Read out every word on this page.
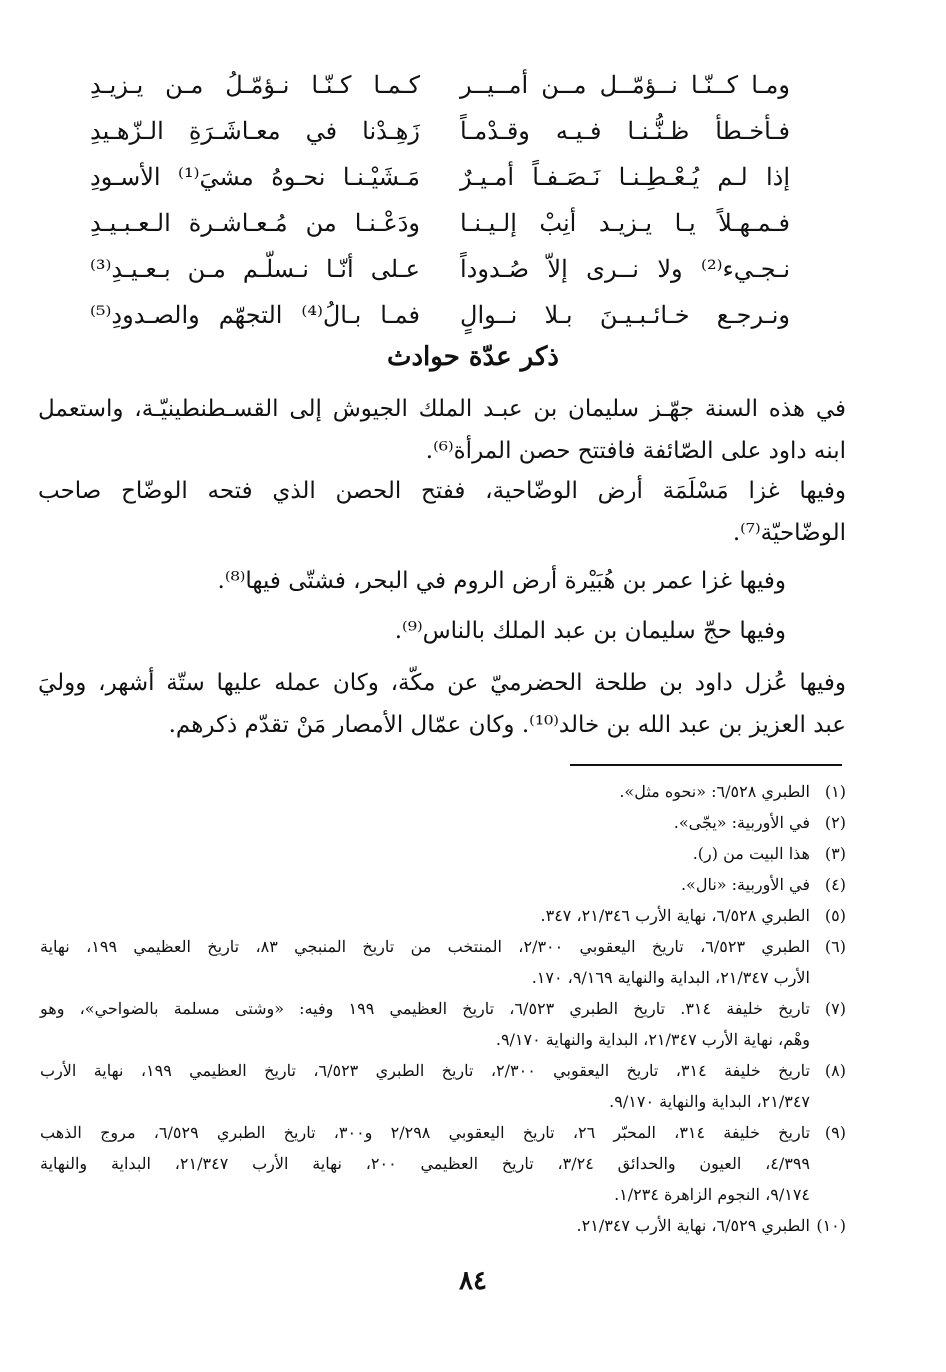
ومـا كــنّـا نــؤمّــل مــن أمــيــر
كـمـا كـنّـا نـؤمّـلُ مـن يـزيـدِ
فـأخـطأ ظـنُّـنـا فـيـه وقـدْمـاً
زَهِـدْنا في معـاشَـرَةِ الـزّهـيدِ
إذا لـم يُـعْـطِـنـا نَـصَـفـاً أمـيـرٌ
مَـشَيْـنـا نحـوهُ مشيَ⁽¹⁾ الأسـودِ
فـمـهـلاً يـا يـزيـد أنِبْ إلـيـنـا
ودَعْـنـا من مُـعـاشـرة الـعـبـيـدِ
نـجـيء⁽²⁾ ولا نــرى إلاّ صُـدوداً
عـلى أنّـا نـسلّـم مـن بـعـيـدِ⁽³⁾
ونـرجـع خـائـبـيـنَ بـلا نــوالٍ
فمـا بـالُ⁽⁴⁾ التجهّم والصـدودِ⁽⁵⁾
ذكر عدّة حوادث
في هذه السنة جهّـز سليمان بن عبـد الملك الجيوش إلى القسـطنطينيّـة، واستعمل
ابنه داود على الصّائفة فافتتح حصن المرأة⁽⁶⁾.
وفيها غزا مَسْلَمَة أرض الوضّاحية، ففتح الحصن الذي فتحه الوضّاح صاحب
الوضّاحيّة⁽⁷⁾.
وفيها غزا عمر بن هُبَيْرة أرض الروم في البحر، فشتّى فيها⁽⁸⁾.
وفيها حجّ سليمان بن عبد الملك بالناس⁽⁹⁾.
وفيها عُزل داود بن طلحة الحضرميّ عن مكّة، وكان عمله عليها ستّة أشهر، ووليَ
عبد العزيز بن عبد الله بن خالد⁽¹⁰⁾. وكان عمّال الأمصار مَنْ تقدّم ذكرهم.
(١)
الطبري ٦/٥٢٨: «نحوه مثل».
(٢)
في الأوربية: «يجّى».
(٣)
هذا البيت من (ر).
(٤)
في الأوربية: «نال».
(٥)
الطبري ٦/٥٢٨، نهاية الأرب ٢١/٣٤٦، ٣٤٧.
(٦)
الطبري ٦/٥٢٣، تاريخ اليعقوبي ٢/٣٠٠، المنتخب من تاريخ المنبجي ٨٣، تاريخ العظيمي ١٩٩، نهاية
الأرب ٢١/٣٤٧، البداية والنهاية ٩/١٦٩، ١٧٠.
(٧)
تاريخ خليفة ٣١٤. تاريخ الطبري ٦/٥٢٣، تاريخ العظيمي ١٩٩ وفيه: «وشتى مسلمة بالضواحي»، وهو
وهْم، نهاية الأرب ٢١/٣٤٧، البداية والنهاية ٩/١٧٠.
(٨)
تاريخ خليفة ٣١٤، تاريخ اليعقوبي ٢/٣٠٠، تاريخ الطبري ٦/٥٢٣، تاريخ العظيمي ١٩٩، نهاية الأرب
٢١/٣٤٧، البداية والنهاية ٩/١٧٠.
(٩)
تاريخ خليفة ٣١٤، المحبّر ٢٦، تاريخ اليعقوبي ٢/٢٩٨ و٣٠٠، تاريخ الطبري ٦/٥٢٩، مروج الذهب
٤/٣٩٩، العيون والحدائق ٣/٢٤، تاريخ العظيمي ٢٠٠، نهاية الأرب ٢١/٣٤٧، البداية والنهاية
٩/١٧٤، النجوم الزاهرة ١/٢٣٤.
(١٠)
الطبري ٦/٥٢٩، نهاية الأرب ٢١/٣٤٧.
٨٤
